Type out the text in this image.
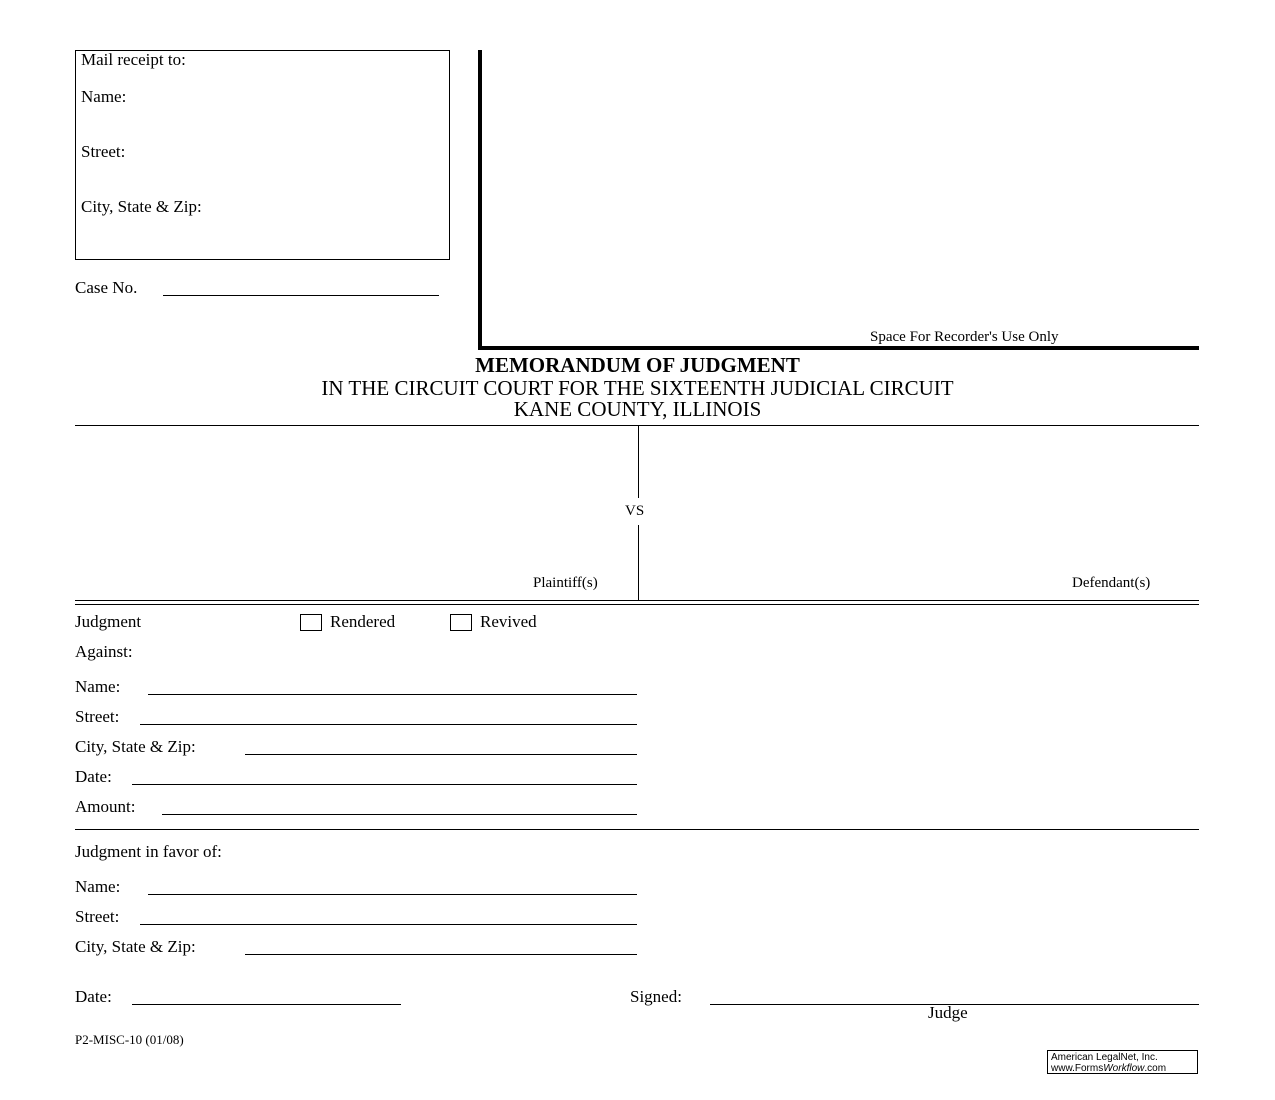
Mail receipt to:
Name:
Street:
City, State & Zip:
Case No.
Space For Recorder's Use Only
MEMORANDUM OF JUDGMENT
IN THE CIRCUIT COURT FOR THE SIXTEENTH JUDICIAL CIRCUIT
KANE COUNTY, ILLINOIS
VS
Plaintiff(s)	Defendant(s)
Judgment	Rendered	Revived
Against:
Name:
Street:
City, State & Zip:
Date:
Amount:
Judgment in favor of:
Name:
Street:
City, State & Zip:
Date:	Signed:
Judge
P2-MISC-10 (01/08)
American LegalNet, Inc.
www.FormsWorkflow.com
